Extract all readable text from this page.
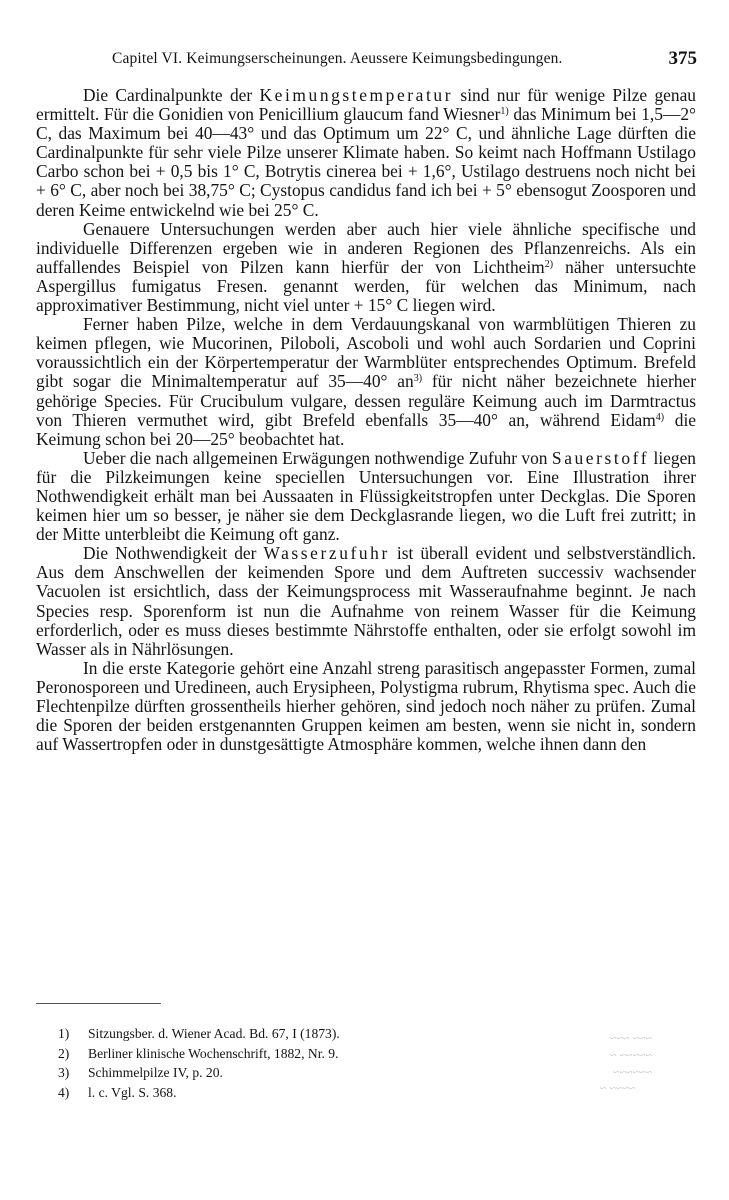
Capitel VI. Keimungserscheinungen. Aeussere Keimungsbedingungen.	375

Die Cardinalpunkte der Keimungstemperatur sind nur für wenige Pilze genau ermittelt. Für die Gonidien von Penicillium glaucum fand Wiesner$^{1)}$ das Minimum bei 1,5—2° C, das Maximum bei 40—43° und das Optimum um 22° C, und ähnliche Lage dürften die Cardinalpunkte für sehr viele Pilze unserer Klimate haben. So keimt nach Hoffmann Ustilago Carbo schon bei + 0,5 bis 1° C, Botrytis cinerea bei + 1,6°, Ustilago destruens noch nicht bei + 6° C, aber noch bei 38,75° C; Cystopus candidus fand ich bei + 5° ebensogut Zoosporen und deren Keime entwickelnd wie bei 25° C.

Genauere Untersuchungen werden aber auch hier viele ähnliche specifische und individuelle Differenzen ergeben wie in anderen Regionen des Pflanzenreichs. Als ein auffallendes Beispiel von Pilzen kann hierfür der von Lichtheim$^{2)}$ näher untersuchte Aspergillus fumigatus Fresen. genannt werden, für welchen das Minimum, nach approximativer Bestimmung, nicht viel unter + 15° C liegen wird.

Ferner haben Pilze, welche in dem Verdauungskanal von warmblütigen Thieren zu keimen pflegen, wie Mucorinen, Piloboli, Ascoboli und wohl auch Sordarien und Coprini voraussichtlich ein der Körpertemperatur der Warmblüter entsprechendes Optimum. Brefeld gibt sogar die Minimaltemperatur auf 35—40° $an^{3)}$ für nicht näher bezeichnete hierher gehörige Species. Für Crucibulum vulgare, dessen reguläre Keimung auch im Darmtractus von Thieren vermuthet wird, gibt Brefeld ebenfalls 35—40° an, während Eidam$^{4)}$ die Keimung schon bei 20—25° beobachtet hat.

Ueber die nach allgemeinen Erwägungen nothwendige Zufuhr von Sauerstoff liegen für die Pilzkeimungen keine speciellen Untersuchungen vor. Eine Illustration ihrer Nothwendigkeit erhält man bei Aussaaten in Flüssigkeitstropfen unter Deckglas. Die Sporen keimen hier um so besser, je näher sie dem Deckglasrande liegen, wo die Luft frei zutritt; in der Mitte unterbleibt die Keimung oft ganz.

Die Nothwendigkeit der Wasserzufuhr ist überall evident und selbstverständlich. Aus dem Anschwellen der keimenden Spore und dem Auftreten successiv wachsender Vacuolen ist ersichtlich, dass der Keimungsprocess mit Wasseraufnahme beginnt. Je nach Species resp. Sporenform ist nun die Aufnahme von reinem Wasser für die Keimung erforderlich, oder es muss dieses bestimmte Nährstoffe enthalten, oder sie erfolgt sowohl im Wasser als in Nährlösungen.

In die erste Kategorie gehört eine Anzahl streng parasitisch angepasster Formen, zumal Peronosporeen und Uredineen, auch Erysipheen, Polystigma rubrum, Rhytisma spec. Auch die Flechtenpilze dürften grossentheils hierher gehören, sind jedoch noch näher zu prüfen. Zumal die Sporen der beiden erstgenannten Gruppen keimen am besten, wenn sie nicht in, sondern auf Wassertropfen oder in dunstgesättigte Atmosphäre kommen, welche ihnen dann den

1) Sitzungsber. d. Wiener Acad. Bd. 67, I (1873).
2) Berliner klinische Wochenschrift, 1882, Nr. 9.
3) Schimmelpilze IV, p. 20.
4) l. c. Vgl. S. 368.
~~~ ~~~
~~~~~ ~
~~~~~~
~~~~ ~
